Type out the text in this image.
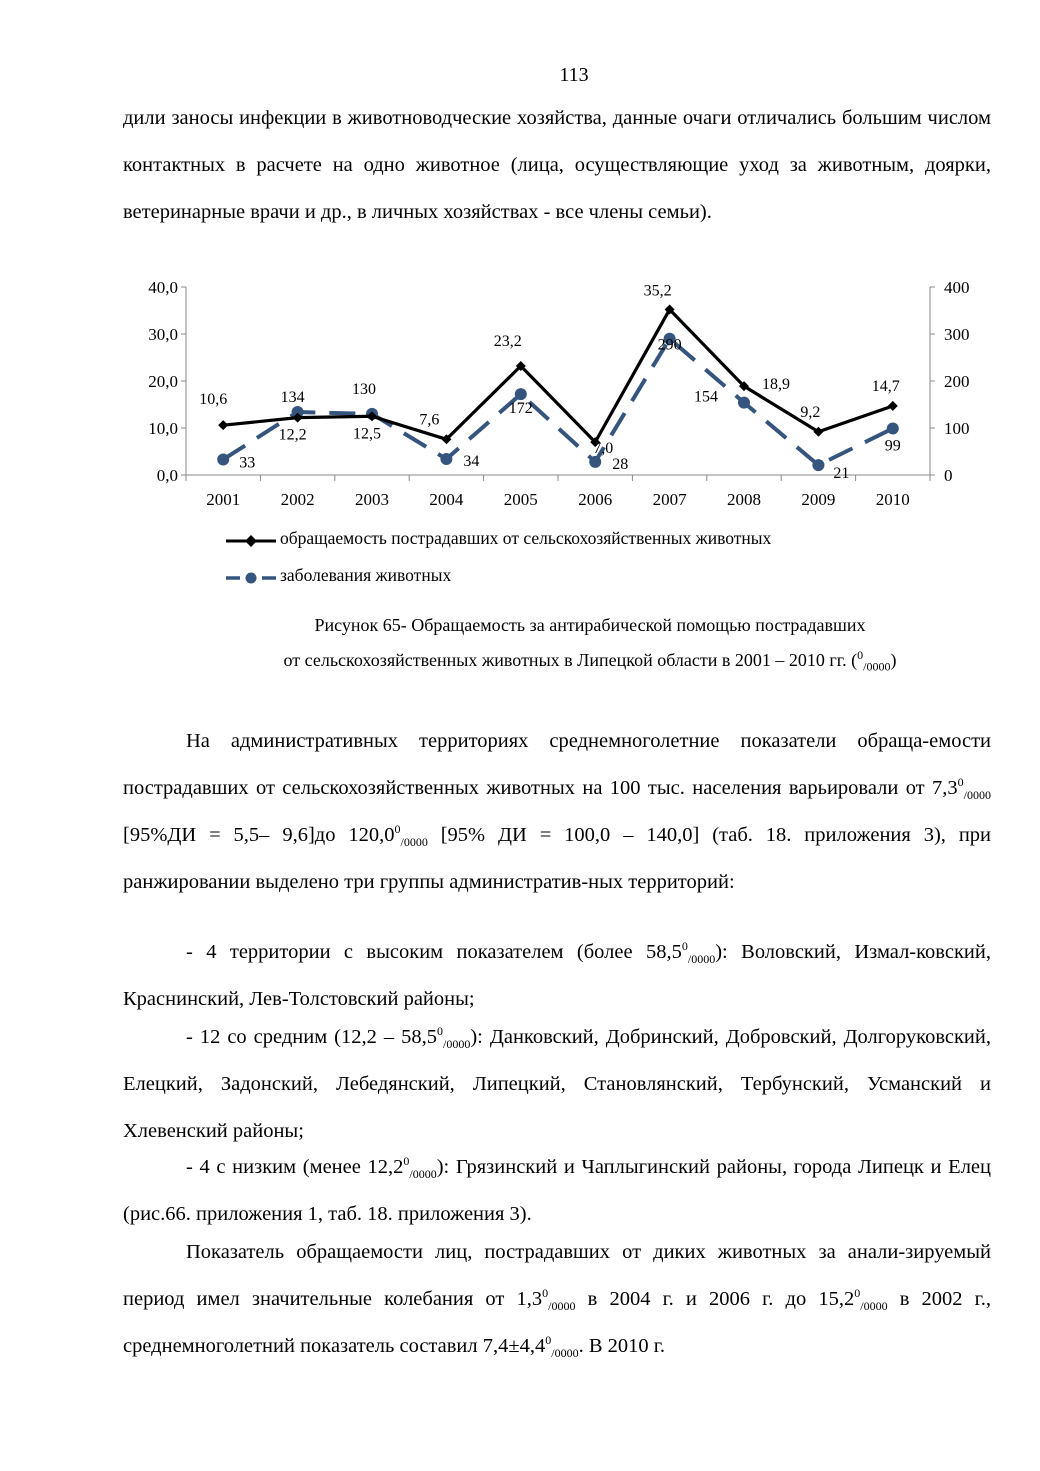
113
дили заносы инфекции в животноводческие хозяйства, данные очаги отличались большим числом контактных в расчете на одно животное (лица, осуществляющие уход за животным, доярки, ветеринарные врачи и др., в личных хозяйствах - все члены семьи).
0,0
10,0
20,0
30,0
40,0
0
100
200
300
400
2001 2002 2003 2004 2005 2006 2007 2008 2009 2010
10,6
12,2	12,5
7,6
23,2
7,0
35,2
18,9
9,2
14,7
33
134	130
34
172
28
290
154
21
99
обращаемость пострадавших от сельскохозяйственных животных
заболевания животных
Рисунок 65- Обращаемость за антирабической помощью пострадавших
от сельскохозяйственных животных в Липецкой области в 2001 – 2010 гг. ($^0_{/0000}$)
На административных территориях среднемноголетние показатели обраща-емости пострадавших от сельскохозяйственных животных на 100 тыс. населения варьировали от $7,3^0_{/0000}$ [95%ДИ = 5,5– 9,6]до $120,0^0_{/0000}$ [95% ДИ = 100,0 – 140,0] (таб. 18. приложения 3), при ранжировании выделено три группы административ-ных территорий:
- 4 территории с высоким показателем (более $58,5^0_{/0000}$): Воловский, Измал-ковский, Краснинский, Лев-Толстовский районы;
- 12 со средним $(12,2 - 58,5^0_{/0000})$: Данковский, Добринский, Добровский, Долгоруковский, Елецкий, Задонский, Лебедянский, Липецкий, Становлянский, Тербунский, Усманский и Хлевенский районы;
- 4 с низким (менее $12,2^0_{/0000}$): Грязинский и Чаплыгинский районы, города Липецк и Елец (рис.66. приложения 1, таб. 18. приложения 3).
Показатель обращаемости лиц, пострадавших от диких животных за анали-зируемый период имел значительные колебания от $1,3^0_{/0000}$ в 2004 г. и 2006 г. до $15,2^0_{/0000}$ в 2002 г., среднемноголетний показатель составил $7,4\pm 4,4^0_{/0000}$. В 2010 г.
